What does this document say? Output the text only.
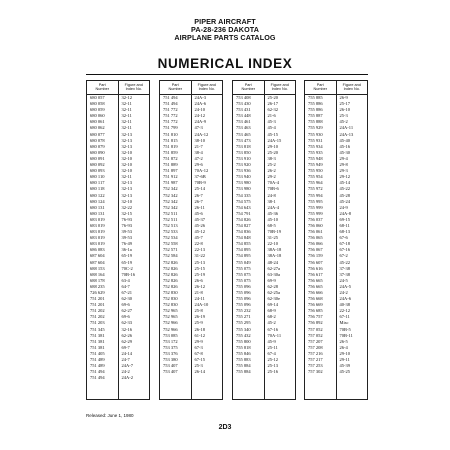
PIPER AIRCRAFT
PA-28-236 DAKOTA
AIRPLANE PARTS CATALOG
NUMERICAL INDEX
Part
Number
Figure and
Index No.
680 057	32-12
680 058	32-11
680 059	32-11
680 060	32-11
680 061	32-11
680 062	32-11
680 077	32-13
680 078	32-13
680 079	32-13
680 090	32-10
680 091	32-10
680 092	32-10
680 093	32-10
680 110	32-11
680 117	32-13
680 118	32-13
680 122	32-13
680 124	32-10
680 131	32-22
680 131	32-15
683 019	76-93
683 019	76-93
683 019	39-53
683 019	39-53
683 019	76-49
686 083	36-1a
687 604	65-19
687 604	65-19
688 153	70C-2
688 164	70B-16
688 178	63-4
688 235	64-7
726 629	67-21
751 201	62-30
751 201	69-6
751 202	62-27
751 202	69-6
751 203	62-33
751 345	32-16
751 381	62-26
751 381	62-29
751 381	69-7
751 405	24-14
751 489	24-7
751 489	24A-7
751 494	24-2
751 494	24A-2
Part
Number
Figure and
Index No.
751 494	24A-3
751 494	24A-6
751 772	24-10
751 772	24-12
751 772	24A-9
751 799	47-3
751 810	24A-12
751 815	38-10
751 819	21-7
751 859	38-4
751 872	47-2
751 889	29-6
751 897	70A-12
751 912	37-6B
751 987	70B-9
752 342	25-14
752 342	26-7
752 342	26-7
752 342	26-11
752 511	45-6
752 511	45-37
752 513	45-26
752 533	45-12
752 534	45-7
752 558	22-8
752 571	22-13
752 584	31-22
752 826	25-13
752 826	25-15
752 826	25-19
752 826	26-6
752 826	26-12
752 830	21-8
752 830	24-11
752 830	24A-10
752 965	25-8
752 965	26-19
752 966	25-9
752 966	26-18
753 085	61-12
753 172	29-9
753 375	67-3
753 376	67-8
753 380	67-15
753 407	25-3
753 407	26-14
Part
Number
Figure and
Index No.
753 408	25-20
753 430	26-17
753 431	62-32
753 448	21-6
753 461	45-3
753 463	45-4
753 465	45-15
753 473	24A-15
753 818	29-10
753 850	25-20
753 910	38-3
753 920	25-2
753 936	26-2
753 940	29-2
753 980	70A-4
753 980	70B-6
754 335	24-8
754 575	38-1
754 643	24A-4
754 791	45-36
754 826	45-10
754 827	68-5
754 836	70B-19
754 848	31-25
754 855	22-10
754 895	38A-18
754 895	38A-18
755 049	48-24
755 075	62-27a
755 075	63-30a
755 075	69-9
755 096	62-28
755 096	62-25a
755 096	62-30e
755 096	69-14
755 232	68-9
755 271	68-2
755 295	45-2
755 340	67-16
755 432	70A-11
755 800	45-9
755 818	25-11
755 846	67-4
755 883	25-12
755 884	25-13
755 884	25-16
Part
Number
Figure and
Index No.
755 885	26-9
755 886	25-17
755 886	26-10
755 887	25-3
755 888	45-2
755 929	24A-11
755 930	24A-13
755 931	45-40
755 934	45-16
755 935	45-30
755 948	29-4
755 949	29-8
755 950	29-3
755 954	29-12
755 964	45-14
755 972	45-22
755 994	45-28
755 995	45-24
755 999	24-9
755 999	24A-8
756 037	69-15
756 060	68-11
756 061	68-13
756 065	67-6
756 066	67-18
756 067	67-16
756 159	67-2
756 607	45-22
756 616	37-38
756 617	37-38
756 665	24-5
756 665	24A-5
756 666	24-2
756 668	24A-6
756 669	40-38
756 685	22-12
756 757	67-11
756 892	Misc
757 052	70B-5
757 052	70B-11
757 207	26-5
757 208	26-4
757 216	29-10
757 217	29-11
757 253	45-39
757 302	45-25
Released: June 1, 1980
2D3
